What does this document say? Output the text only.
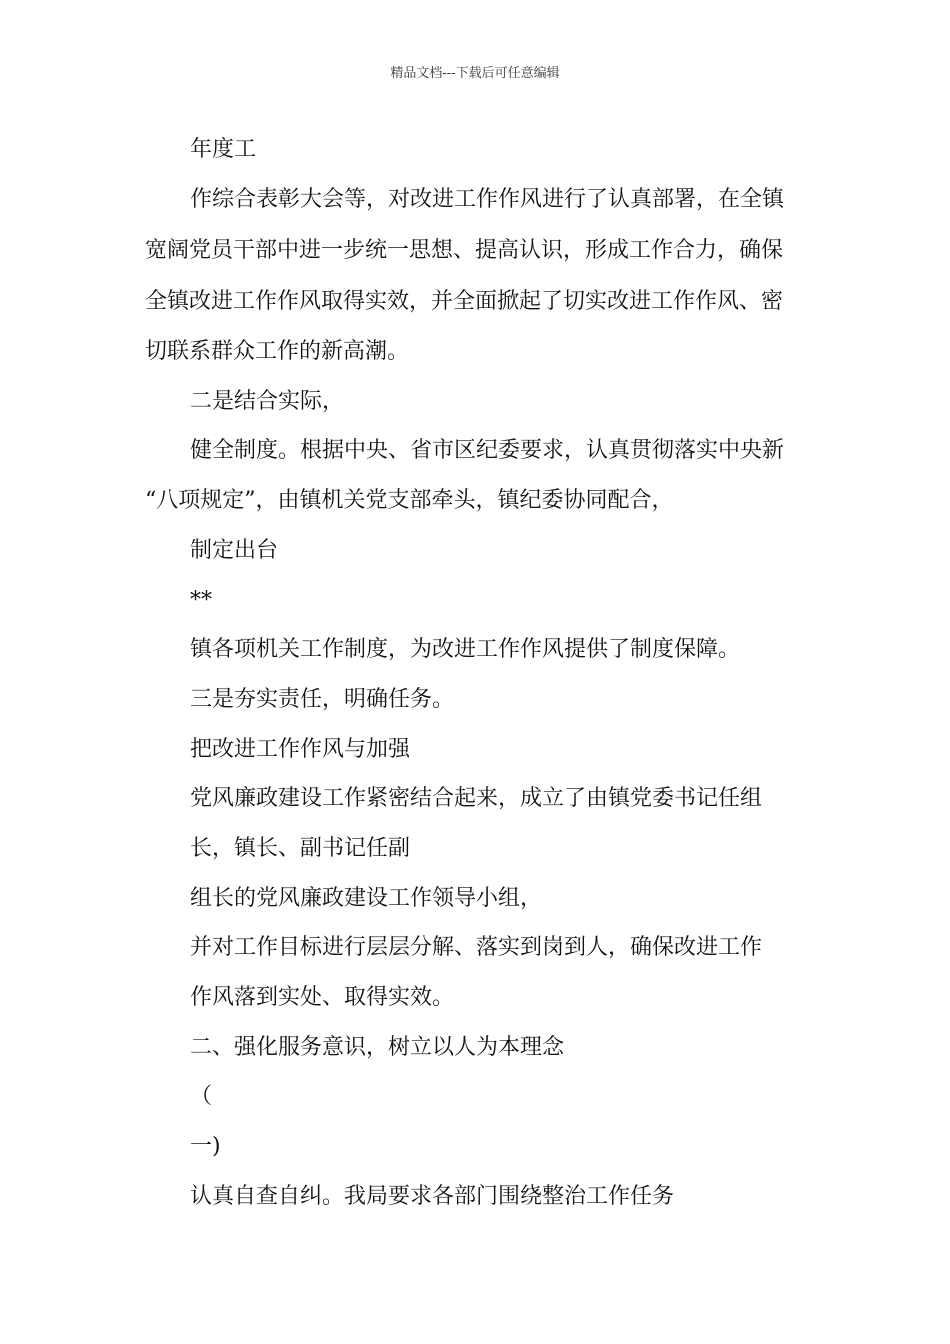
精品文档---下载后可任意编辑
年度工
作综合表彰大会等，对改进工作作风进行了认真部署，在全镇
宽阔党员干部中进一步统一思想、提高认识，形成工作合力，确保
全镇改进工作作风取得实效，并全面掀起了切实改进工作作风、密
切联系群众工作的新高潮。
二是结合实际，
健全制度。根据中央、省市区纪委要求，认真贯彻落实中央新
“八项规定”，由镇机关党支部牵头，镇纪委协同配合，
制定出台
**
镇各项机关工作制度，为改进工作作风提供了制度保障。
三是夯实责任，明确任务。
把改进工作作风与加强
党风廉政建设工作紧密结合起来，成立了由镇党委书记任组
长，镇长、副书记任副
组长的党风廉政建设工作领导小组，
并对工作目标进行层层分解、落实到岗到人，确保改进工作
作风落到实处、取得实效。
二、强化服务意识，树立以人为本理念
（
一)
认真自查自纠。我局要求各部门围绕整治工作任务
